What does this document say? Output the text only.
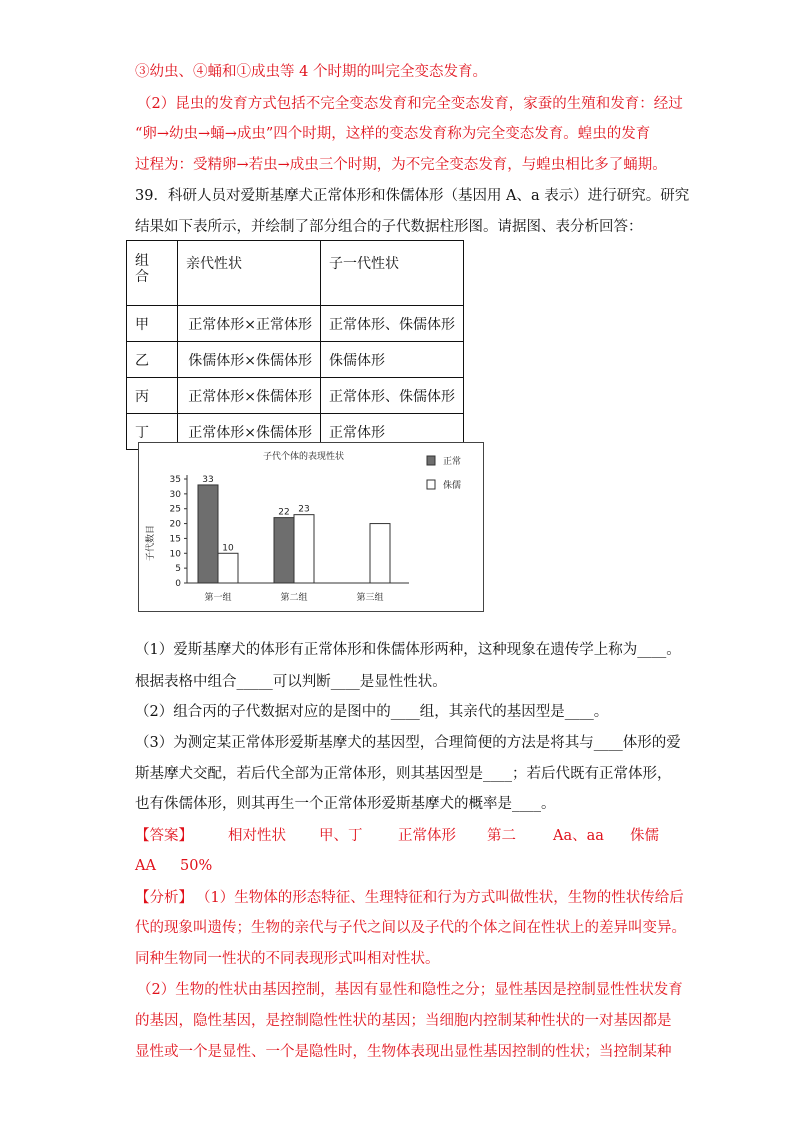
③幼虫、④蛹和①成虫等 4 个时期的叫完全变态发育。
（2）昆虫的发育方式包括不完全变态发育和完全变态发育，家蚕的生殖和发育：经过
“卵→幼虫→蛹→成虫”四个时期，这样的变态发育称为完全变态发育。蝗虫的发育
过程为：受精卵→若虫→成虫三个时期，为不完全变态发育，与蝗虫相比多了蛹期。
39．科研人员对爱斯基摩犬正常体形和侏儒体形（基因用 A、a 表示）进行研究。研究
结果如下表所示，并绘制了部分组合的子代数据柱形图。请据图、表分析回答：
组合	亲代性状	子一代性状
甲	正常体形×正常体形	正常体形、侏儒体形
乙	侏儒体形×侏儒体形	侏儒体形
丙	正常体形×侏儒体形	正常体形、侏儒体形
丁	正常体形×侏儒体形	正常体形
子代个体的表现性状
子代数目
0
5
10
15
20
25
30
35 33
10
第一组
22 23
第二组	第三组
正常
侏儒
（1）爱斯基摩犬的体形有正常体形和侏儒体形两种，这种现象在遗传学上称为____。
根据表格中组合_____可以判断____是显性性状。
（2）组合丙的子代数据对应的是图中的____组，其亲代的基因型是____。
（3）为测定某正常体形爱斯基摩犬的基因型，合理简便的方法是将其与____体形的爱
斯基摩犬交配，若后代全部为正常体形，则其基因型是____；若后代既有正常体形，
也有侏儒体形，则其再生一个正常体形爱斯基摩犬的概率是____。
【答案】 相对性状 甲、丁 正常体形 第二	Aa、aa 侏儒
AA 50%
【分析】 （1）生物体的形态特征、生理特征和行为方式叫做性状，生物的性状传给后
代的现象叫遗传；生物的亲代与子代之间以及子代的个体之间在性状上的差异叫变异。
同种生物同一性状的不同表现形式叫相对性状。
（2）生物的性状由基因控制，基因有显性和隐性之分；显性基因是控制显性性状发育
的基因，隐性基因，是控制隐性性状的基因；当细胞内控制某种性状的一对基因都是
显性或一个是显性、一个是隐性时，生物体表现出显性基因控制的性状；当控制某种
